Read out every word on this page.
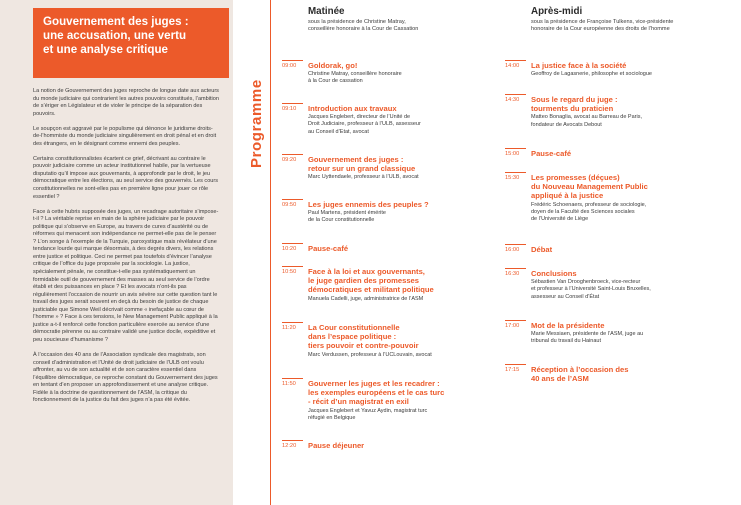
Gouvernement des juges :
une accusation, une vertu
et une analyse critique

La notion de Gouvernement des juges reproche de longue date aux acteurs du monde judiciaire qui contrarient les autres pouvoirs constitués, l’ambition de s’ériger en Législateur et de violer le principe de la séparation des pouvoirs.

Le soupçon est aggravé par le populisme qui dénonce le juridisme droits-de-l’hommiste du monde judiciaire singulièrement en droit pénal et en droit des étrangers, en le désignant comme ennemi des peuples.

Certains constitutionnalistes écartent ce grief, décrivant au contraire le pouvoir judiciaire comme un acteur institutionnel habile, par la vertueuse disputatio qu’il impose aux gouvernants, à approfondir par le droit, le jeu démocratique entre les élections, au seul service des gouvernés. Les cours constitutionnelles ne sont-elles pas en première ligne pour jouer ce rôle essentiel ?

Face à cette hubris supposée des juges, un recadrage autoritaire s’impose-t-il ? La véritable reprise en main de la sphère judiciaire par le pouvoir politique qui s’observe en Europe, au travers de cures d’austérité ou de réformes qui menacent son indépendance ne permet-elle pas de le penser ? L’on songe à l’exemple de la Turquie, paroxystique mais révélateur d’une tendance lourde qui marque désormais, à des degrés divers, les relations entre justice et politique. Ceci ne permet pas toutefois d’évincer l’analyse critique de l’office du juge proposée par la sociologie. La justice, spécialement pénale, ne constitue-t-elle pas systématiquement un formidable outil de gouvernement des masses au seul service de l’ordre établi et des puissances en place ? Et les avocats n’ont-ils pas régulièrement l’occasion de nourrir un avis sévère sur cette question tant le travail des juges serait souvent en deçà du besoin de justice de chaque justiciable que Simone Weil décrivait comme « inefaçable au cœur de l’homme » ? Face à ces tensions, le New Management Public appliqué à la justice a-t-il renforcé cette fonction particulière exercée au service d’une démocratie pérenne ou au contraire validé une justice docile, expéditive et peu soucieuse d’humanisme ?

À l’occasion des 40 ans de l’Association syndicale des magistrats, son conseil d’administration et l’Unité de droit judiciaire de l’ULB ont voulu affronter, au vu de son actualité et de son caractère essentiel dans l’équilibre démocratique, ce reproche constant du Gouvernement des juges en tentant d’en proposer un approfondissement et une analyse critique. Fidèle à la doctrine de questionnement de l’ASM, la critique du fonctionnement de la justice du fait des juges n’a pas été évitée.

Programme
Matinée
sous la présidence de Christine Matray,
conseillère honoraire à la Cour de Cassation
09:00 Goldorak, go!
Christine Matray, conseillère honoraire
à la Cour de cassation
09:10 Introduction aux travaux
Jacques Englebert, directeur de l’Unité de
Droit Judiciaire, professeur à l’ULB, assesseur
au Conseil d’Etat, avocat
09:20 Gouvernement des juges :
retour sur un grand classique
Marc Uyttendaele, professeur à l’ULB, avocat
09:50 Les juges ennemis des peuples ?
Paul Martens, président émérite
de la Cour constitutionnelle
10:20 Pause-café
10:50 Face à la loi et aux gouvernants,
le juge gardien des promesses
démocratiques et militant politique
Manuela Cadelli, juge, administratrice de l’ASM
11:20 La Cour constitutionnelle
dans l’espace politique :
tiers pouvoir et contre-pouvoir
Marc Verdussen, professeur à l’UCLouvain, avocat
11:50 Gouverner les juges et les recadrer :
les exemples européens et le cas turc
- récit d’un magistrat en exil
Jacques Englebert et Yavuz Aydin, magistrat turc
réfugié en Belgique
12:20 Pause déjeuner
Après-midi
sous la présidence de Françoise Tulkens, vice-présidente
honoraire de la Cour européenne des droits de l’homme
14:00 La justice face à la société
Geoffroy de Lagasnerie, philosophe et sociologue
14:30 Sous le regard du juge :
tourments du praticien
Matteo Bonaglia, avocat au Barreau de Paris,
fondateur de Avocats Debout
15:00 Pause-café
15:30 Les promesses (déçues)
du Nouveau Management Public
appliqué à la justice
Frédéric Schoenaers, professeur de sociologie,
doyen de la Faculté des Sciences sociales
de l’Université de Liège
16:00 Débat
16:30 Conclusions
Sébastien Van Drooghenbroeck, vice-recteur
et professeur à l’Université Saint-Louis Bruxelles,
assesseur au Conseil d’État
17:00 Mot de la présidente
Marie Messiaen, présidente de l’ASM, juge au
tribunal du travail du Hainaut
17:15 Réception à l’occasion des
40 ans de l’ASM
